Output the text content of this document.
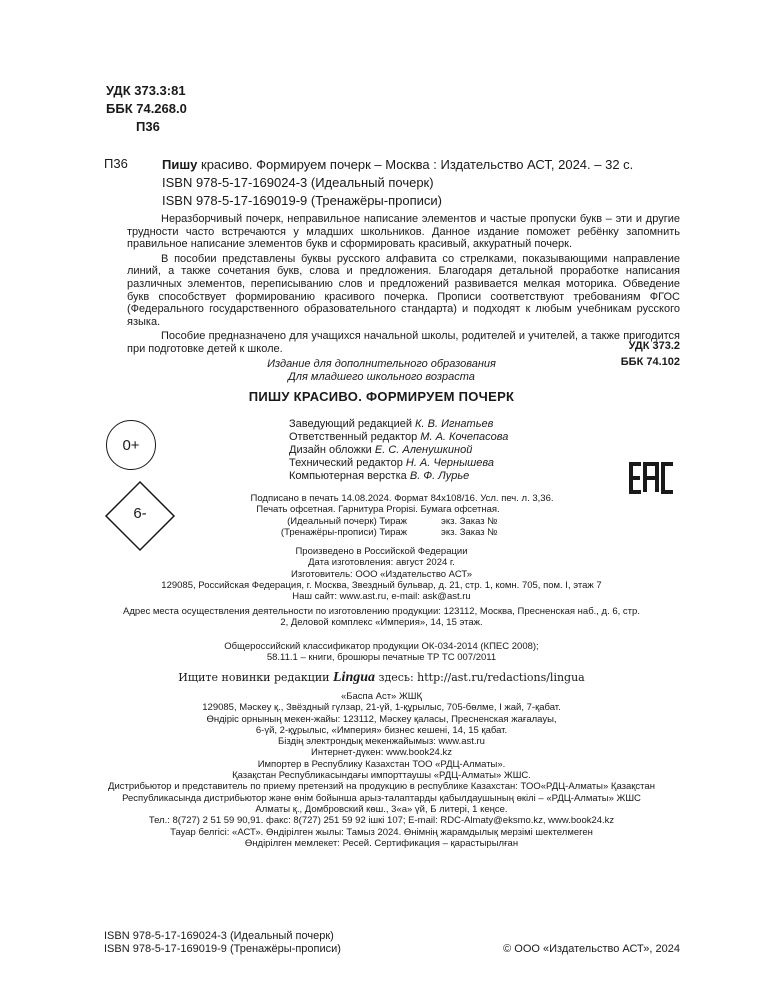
УДК 373.3:81
ББК 74.268.0
П36
П36	Пишу красиво. Формируем почерк – Москва : Издательство АСТ, 2024. – 32 с.
ISBN 978-5-17-169024-3 (Идеальный почерк)
ISBN 978-5-17-169019-9 (Тренажёры-прописи)

Неразборчивый почерк, неправильное написание элементов и частые пропуски букв – эти и другие трудности часто встречаются у младших школьников. Данное издание поможет ребёнку запомнить правильное написание элементов букв и сформировать красивый, аккуратный почерк.

В пособии представлены буквы русского алфавита со стрелками, показывающими направление линий, а также сочетания букв, слова и предложения. Благодаря детальной проработке написания различных элементов, переписыванию слов и предложений развивается мелкая моторика. Обведение букв способствует формированию красивого почерка. Прописи соответствуют требованиям ФГОС (Федерального государственного образовательного стандарта) и подходят к любым учебникам русского языка.

Пособие предназначено для учащихся начальной школы, родителей и учителей, а также пригодится при подготовке детей к школе.	УДК 373.2
ББК 74.102
Издание для дополнительного образования
Для младшего школьного возраста
ПИШУ КРАСИВО. ФОРМИРУЕМ ПОЧЕРК
Заведующий редакцией К. В. Игнатьев
Ответственный редактор М. А. Кочепасова
Дизайн обложки Е. С. Аленушкиной
Технический редактор Н. А. Чернышева
Компьютерная верстка В. Ф. Лурье
0+
6-
Подписано в печать 14.08.2024. Формат 84х108/16. Усл. печ. л. 3,36.
Печать офсетная. Гарнитура Propisi. Бумага офсетная.
(Идеальный почерк) Тираж	экз. Заказ №
(Тренажёры-прописи) Тираж	экз. Заказ №
Произведено в Российской Федерации
Дата изготовления: август 2024 г.
Изготовитель: ООО «Издательство АСТ»
129085, Российская Федерация, г. Москва, Звездный бульвар, д. 21, стр. 1, комн. 705, пом. I, этаж 7
Наш сайт: www.ast.ru, e-mail: ask@ast.ru
Адрес места осуществления деятельности по изготовлению продукции: 123112, Москва, Пресненская наб., д. 6, стр. 2, Деловой комплекс «Империя», 14, 15 этаж.
Общероссийский классификатор продукции ОК-034-2014 (КПЕС 2008);
58.11.1 – книги, брошюры печатные ТР ТС 007/2011
Ищите новинки редакции Lingua здесь: http://ast.ru/redactions/lingua
«Баспа Аст» ЖШҚ
129085, Мәскеу қ., Звёздный гүлзар, 21-үй, 1-құрылыс, 705-бөлме, I жай, 7-қабат.
Өндіріс орнының мекен-жайы: 123112, Мәскеу қаласы, Пресненская жағалауы,
6-үй, 2-құрылыс, «Империя» бизнес кешені, 14, 15 қабат.
Біздің электрондық мекенжайымыз: www.ast.ru
Интернет-дүкен: www.book24.kz
Импортер в Республику Казахстан ТОО «РДЦ-Алматы».
Қазақстан Республикасындағы импорттаушы «РДЦ-Алматы» ЖШС.
Дистрибьютор и представитель по приему претензий на продукцию в республике Казахстан: ТОО«РДЦ-Алматы» Қазақстан
Республикасында дистрибьютор және өнім бойынша арыз-талаптарды қабылдаушының өкілі – «РДЦ-Алматы» ЖШС
Алматы қ., Домбровский көш., 3«а» үй, Б литері, 1 кеңсе.
Тел.: 8(727) 2 51 59 90,91. факс: 8(727) 251 59 92 ішкі 107; E-mail: RDC-Almaty@eksmo.kz, www.book24.kz
Тауар белгісі: «АСТ». Өндірілген жылы: Тамыз 2024. Өнімнің жарамдылық мерзімі шектелмеген
Өндірілген мемлекет: Ресей. Сертификация – қарастырылған
ISBN 978-5-17-169024-3 (Идеальный почерк)
ISBN 978-5-17-169019-9 (Тренажёры-прописи)	© ООО «Издательство АСТ», 2024
